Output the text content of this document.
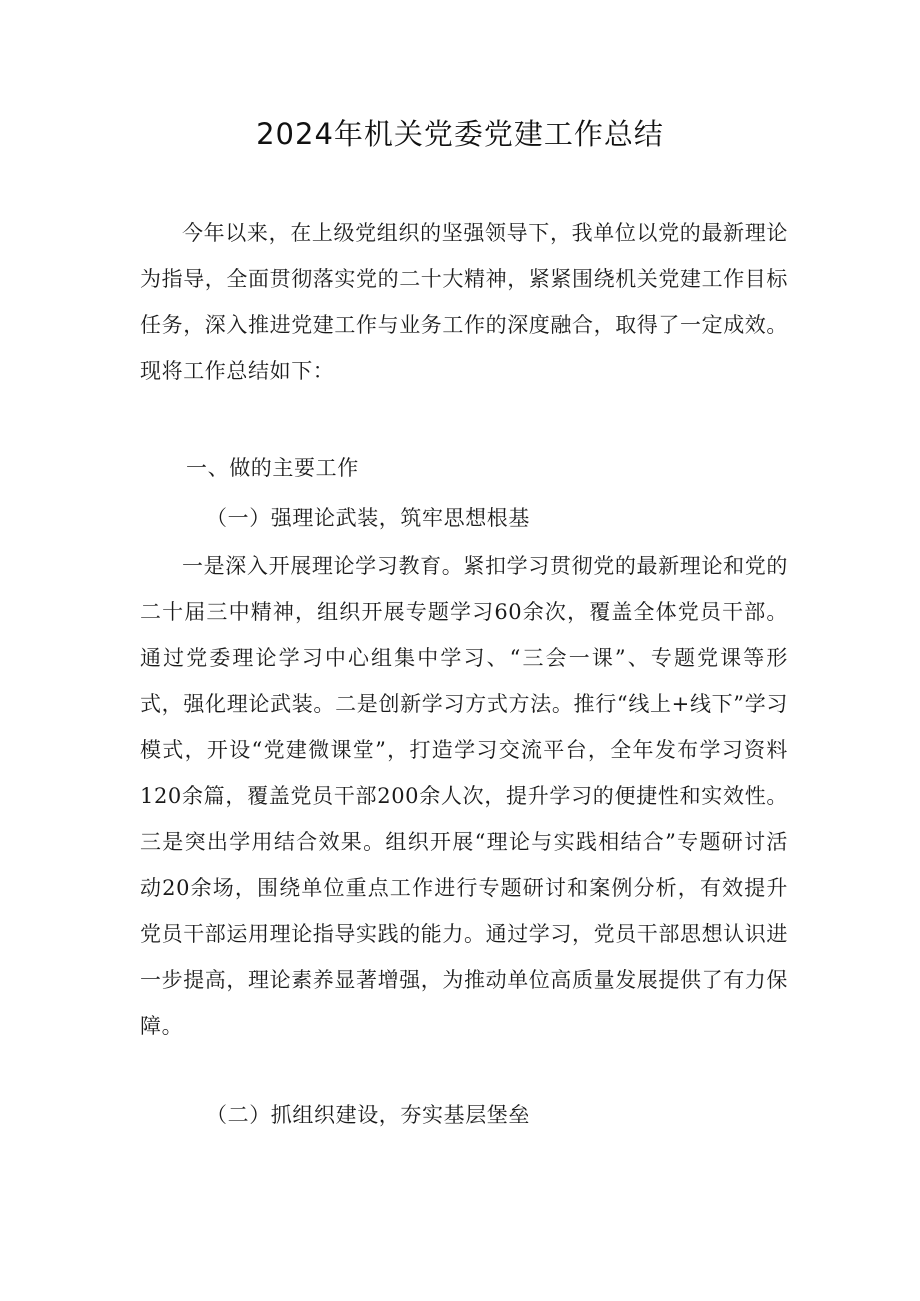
2024年机关党委党建工作总结

今年以来，在上级党组织的坚强领导下，我单位以党的最新理论为指导，全面贯彻落实党的二十大精神，紧紧围绕机关党建工作目标任务，深入推进党建工作与业务工作的深度融合，取得了一定成效。现将工作总结如下：

一、做的主要工作

（一）强理论武装，筑牢思想根基

一是深入开展理论学习教育。紧扣学习贯彻党的最新理论和党的二十届三中精神，组织开展专题学习60余次，覆盖全体党员干部。通过党委理论学习中心组集中学习、“三会一课”、专题党课等形式，强化理论武装。二是创新学习方式方法。推行“线上+线下”学习模式，开设“党建微课堂”，打造学习交流平台，全年发布学习资料120余篇，覆盖党员干部200余人次，提升学习的便捷性和实效性。三是突出学用结合效果。组织开展“理论与实践相结合”专题研讨活动20余场，围绕单位重点工作进行专题研讨和案例分析，有效提升党员干部运用理论指导实践的能力。通过学习，党员干部思想认识进一步提高，理论素养显著增强，为推动单位高质量发展提供了有力保障。

（二）抓组织建设，夯实基层堡垒
